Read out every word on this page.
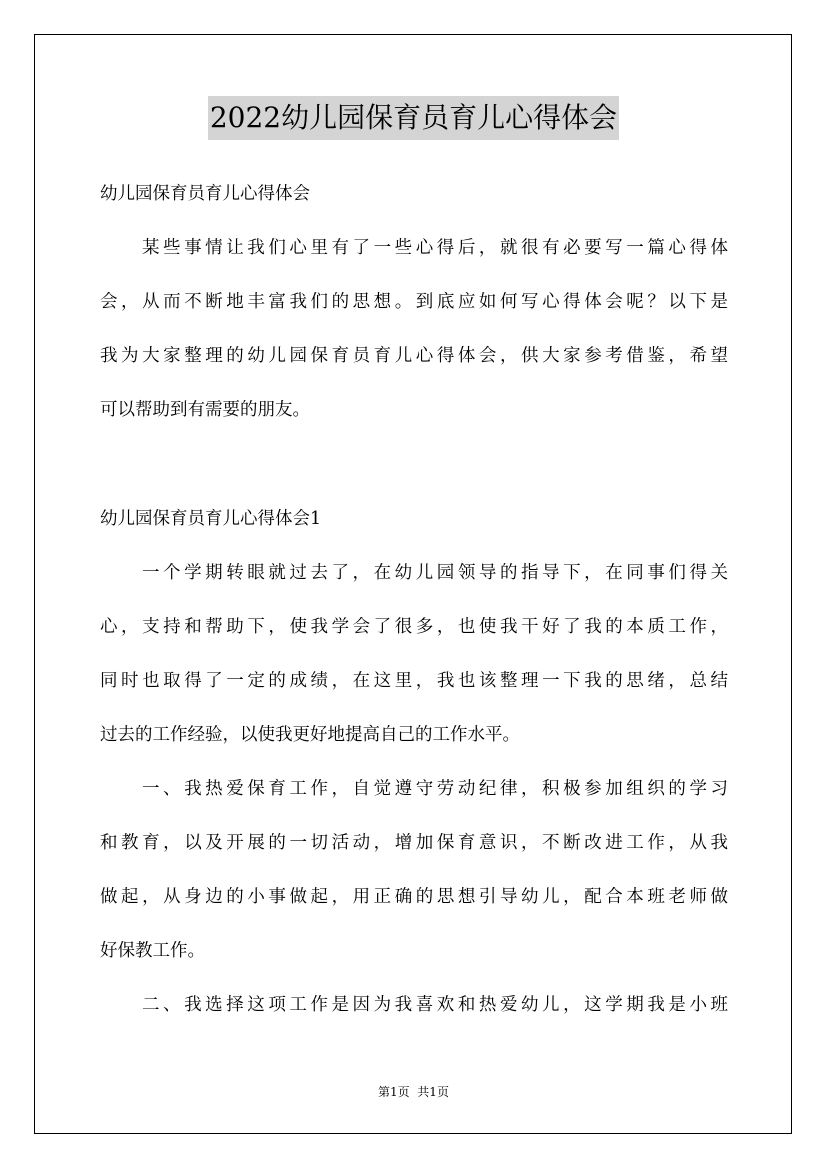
2022幼儿园保育员育儿心得体会
幼儿园保育员育儿心得体会
某些事情让我们心里有了一些心得后，就很有必要写一篇心得体
会，从而不断地丰富我们的思想。到底应如何写心得体会呢？以下是
我为大家整理的幼儿园保育员育儿心得体会，供大家参考借鉴，希望
可以帮助到有需要的朋友。
幼儿园保育员育儿心得体会1
一个学期转眼就过去了，在幼儿园领导的指导下，在同事们得关
心，支持和帮助下，使我学会了很多，也使我干好了我的本质工作，
同时也取得了一定的成绩，在这里，我也该整理一下我的思绪，总结
过去的工作经验，以使我更好地提高自己的工作水平。
一、我热爱保育工作，自觉遵守劳动纪律，积极参加组织的学习
和教育，以及开展的一切活动，增加保育意识，不断改进工作，从我
做起，从身边的小事做起，用正确的思想引导幼儿，配合本班老师做
好保教工作。
二、我选择这项工作是因为我喜欢和热爱幼儿，这学期我是小班
第1页  共1页
